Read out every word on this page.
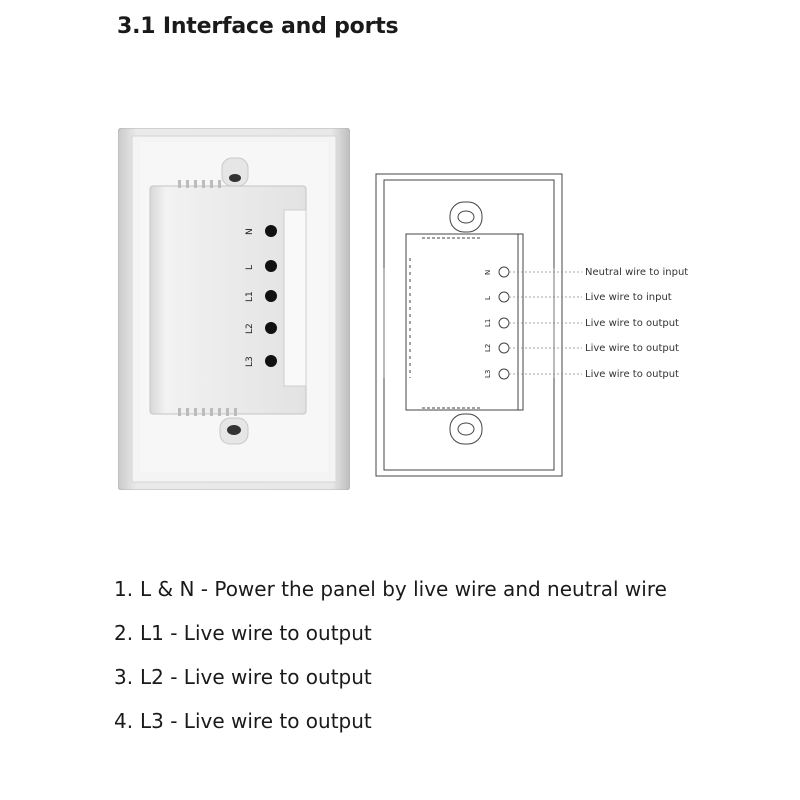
3.1 Interface and ports
N
L
L1
L2
L3
N
L
L1
L2
L3
Neutral wire to input
Live wire to input
Live wire to output
Live wire to output
Live wire to output
1. L & N - Power the panel by live wire and neutral wire
2. L1 - Live wire to output
3. L2 - Live wire to output
4. L3 - Live wire to output
